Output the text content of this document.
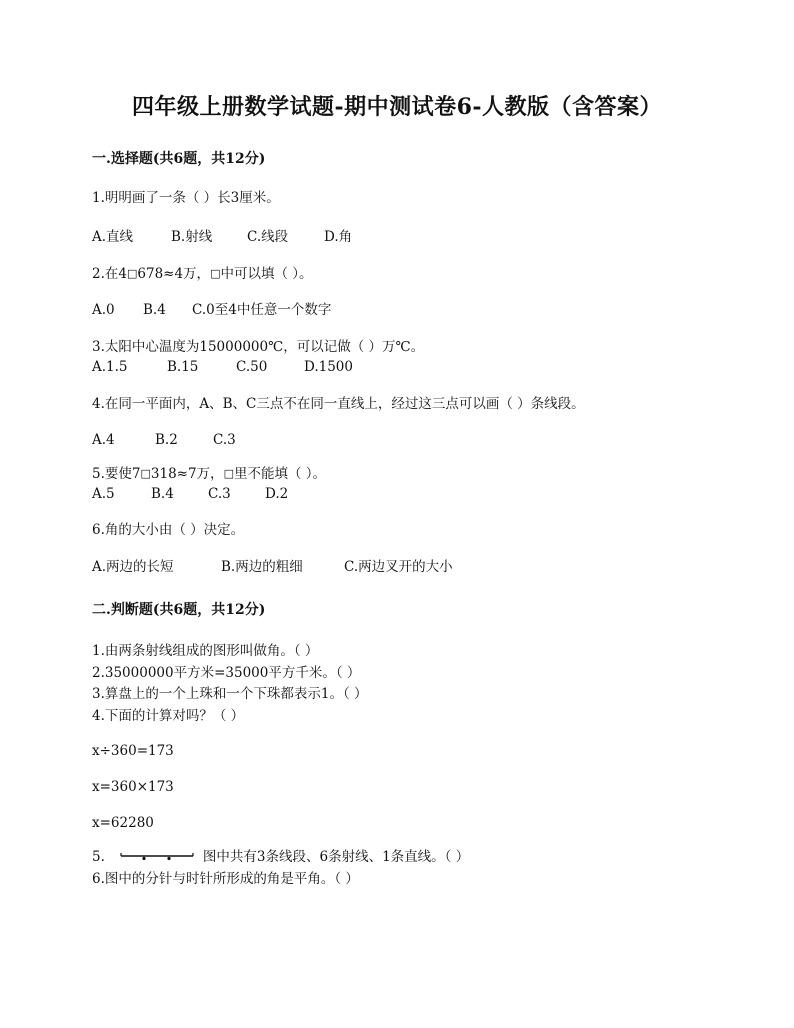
四年级上册数学试题-期中测试卷6-人教版（含答案）
一.选择题(共6题，共12分)
1.明明画了一条（ ）长3厘米。
A.直线	B.射线	C.线段	D.角
2.在4□678≈4万，□中可以填（ ）。
A.0 B.4 C.0至4中任意一个数字
3.太阳中心温度为15000000℃，可以记做（ ）万℃。
A.1.5	B.15	C.50	D.1500
4.在同一平面内，A、B、C三点不在同一直线上，经过这三点可以画（ ）条线段。
A.4	B.2	C.3
5.要使7□318≈7万，□里不能填（ ）。
A.5	B.4	C.3	D.2
6.角的大小由（ ）决定。
A.两边的长短	B.两边的粗细	C.两边叉开的大小
二.判断题(共6题，共12分)
1.由两条射线组成的图形叫做角。（ ）
2.35000000平方米=35000平方千米。（ ）
3.算盘上的一个上珠和一个下珠都表示1。（ ）
4.下面的计算对吗？（ ）
x÷360=173
x=360×173
x=62280
5.	图中共有3条线段、6条射线、1条直线。（ ）
6.图中的分针与时针所形成的角是平角。（ ）
